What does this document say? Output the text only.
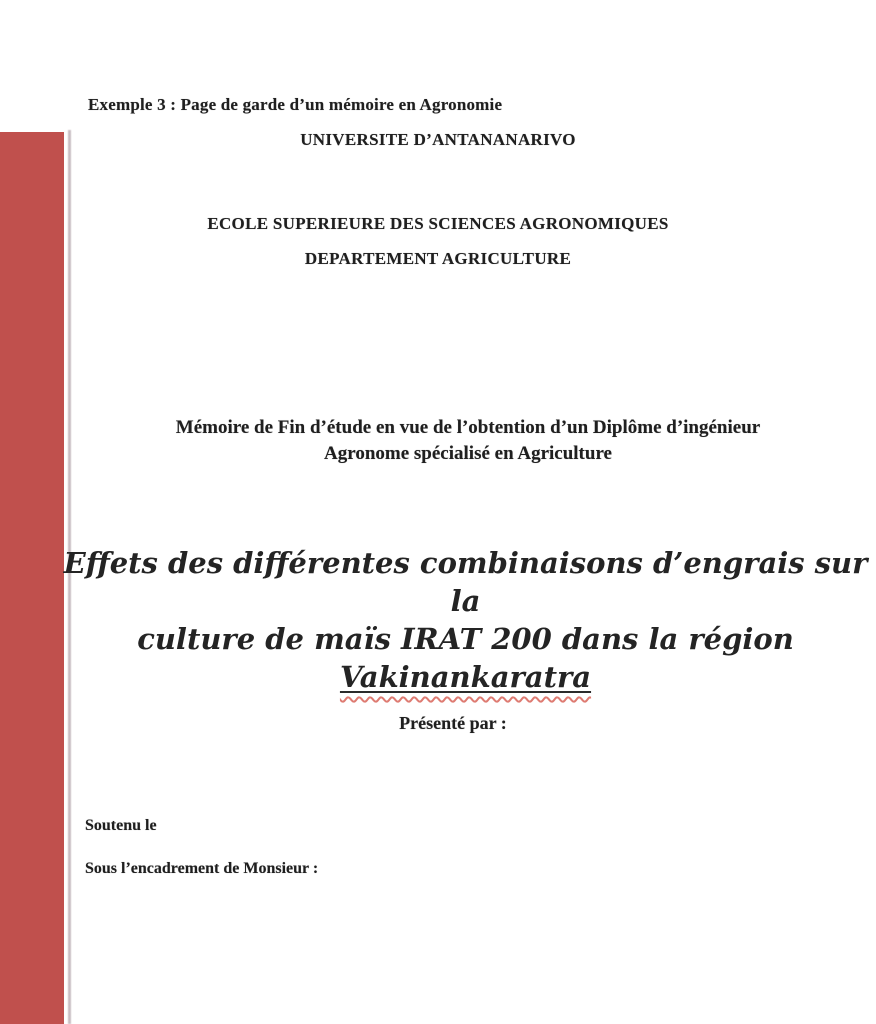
Exemple 3 : Page de garde d’un mémoire en Agronomie
UNIVERSITE D’ANTANANARIVO
ECOLE SUPERIEURE DES SCIENCES AGRONOMIQUES
DEPARTEMENT AGRICULTURE
Mémoire de Fin d’étude en vue de l’obtention d’un Diplôme d’ingénieur
Agronome spécialisé en Agriculture
Effets des différentes combinaisons d’engrais sur la
culture de maïs IRAT 200 dans la région
Vakinankaratra
Présenté par :
Soutenu le
Sous l’encadrement de Monsieur :
